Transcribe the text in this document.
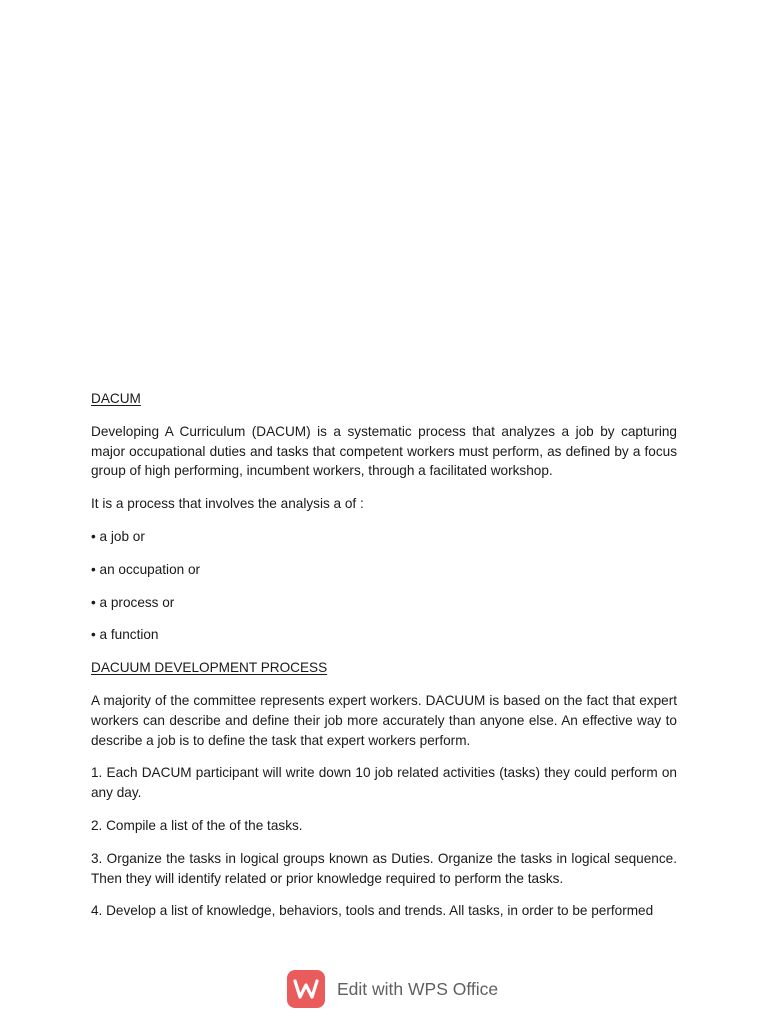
DACUM

Developing A Curriculum (DACUM) is a systematic process that analyzes a job by capturing major occupational duties and tasks that competent workers must perform, as defined by a focus group of high performing, incumbent workers, through a facilitated workshop.

It is a process that involves the analysis a of :

• a job or

• an occupation or

• a process or

• a function

DACUUM DEVELOPMENT PROCESS

A majority of the committee represents expert workers. DACUUM is based on the fact that expert workers can describe and define their job more accurately than anyone else. An effective way to describe a job is to define the task that expert workers perform.

1. Each DACUM participant will write down 10 job related activities (tasks) they could perform on any day.

2. Compile a list of the of the tasks.

3. Organize the tasks in logical groups known as Duties. Organize the tasks in logical sequence. Then they will identify related or prior knowledge required to perform the tasks.

4. Develop a list of knowledge, behaviors, tools and trends. All tasks, in order to be performed

Edit with WPS Office
